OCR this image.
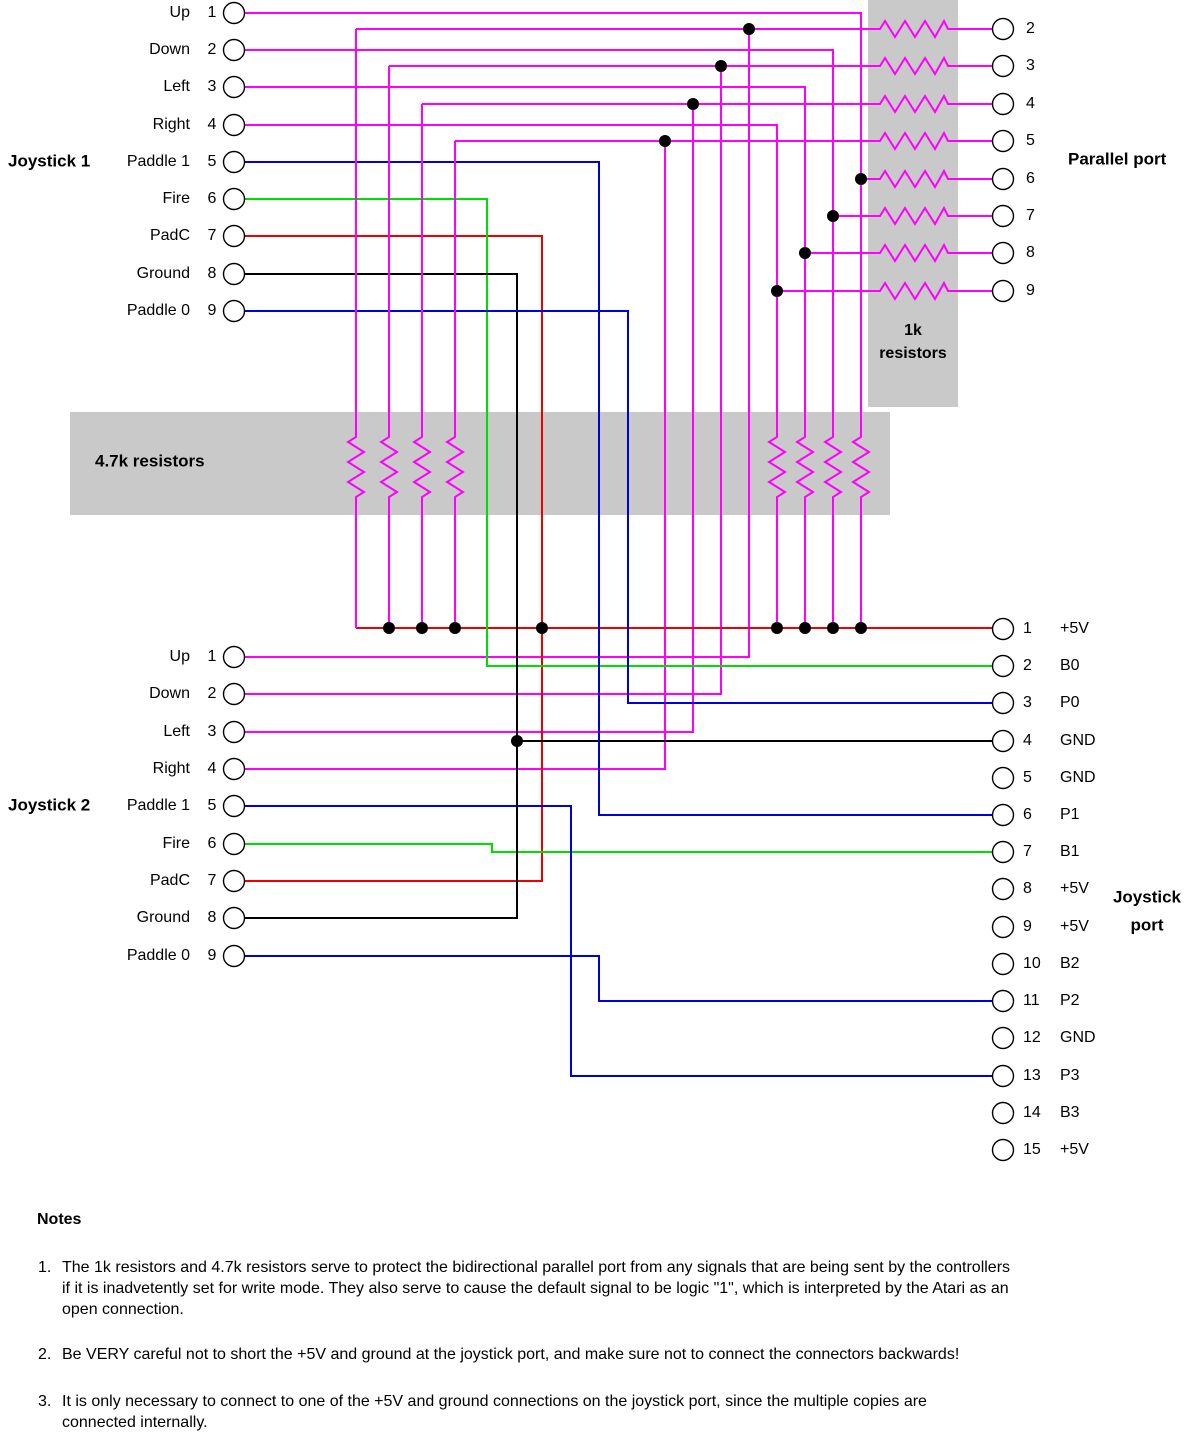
Joystick 1
Joystick 2
Parallel port
Joystick
port
1k
resistors
4.7k resistors
Notes
Up	1
Down	2
Left	3
Right	4
Paddle 1	5
Fire	6
PadC	7
Ground	8
Paddle 0	9
Up	1
Down	2
Left	3
Right	4
Paddle 1	5
Fire	6
PadC	7
Ground	8
Paddle 0	9
2
3
4
5
6
7
8
9
1	+5V
2	B0
3	P0
4	GND
5	GND
6	P1
7	B1
8	+5V
9	+5V
10	B2
11	P2
12	GND
13	P3
14	B3
15	+5V
1. The 1k resistors and 4.7k resistors serve to protect the bidirectional parallel port from any signals that are being sent by the controllers
if it is inadvetently set for write mode. They also serve to cause the default signal to be logic "1", which is interpreted by the Atari as an
open connection.
2. Be VERY careful not to short the +5V and ground at the joystick port, and make sure not to connect the connectors backwards!
3. It is only necessary to connect to one of the +5V and ground connections on the joystick port, since the multiple copies are
connected internally.
